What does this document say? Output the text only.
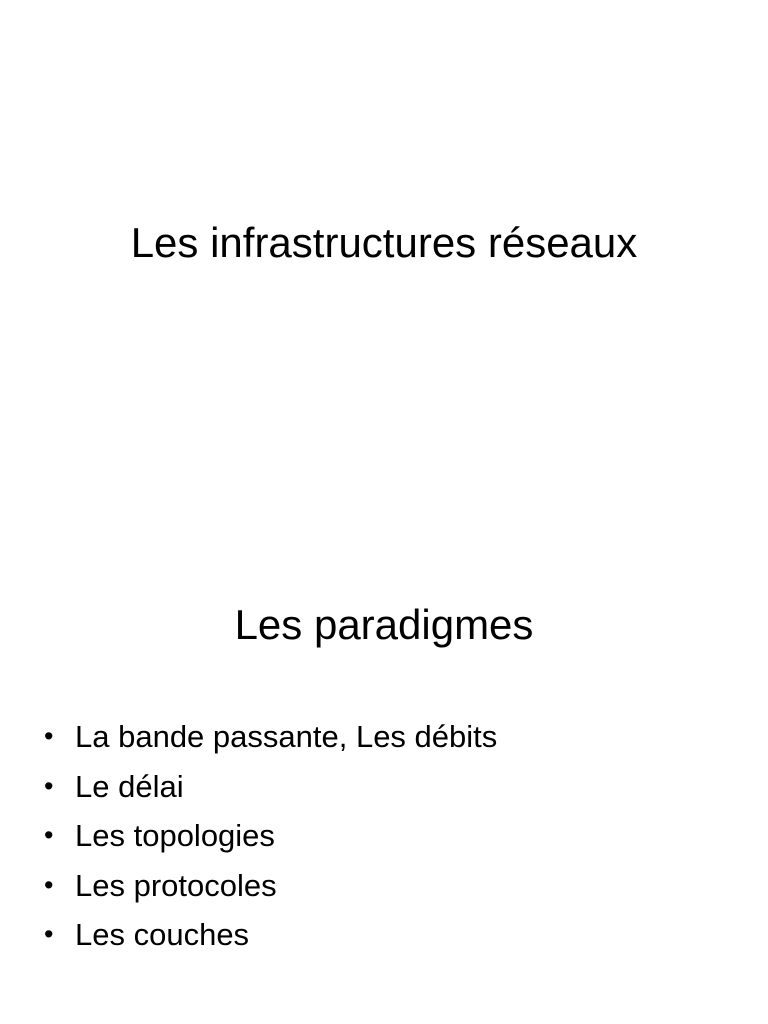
Les infrastructures réseaux
Les paradigmes
• La bande passante, Les débits
• Le délai
• Les topologies
• Les protocoles
• Les couches
